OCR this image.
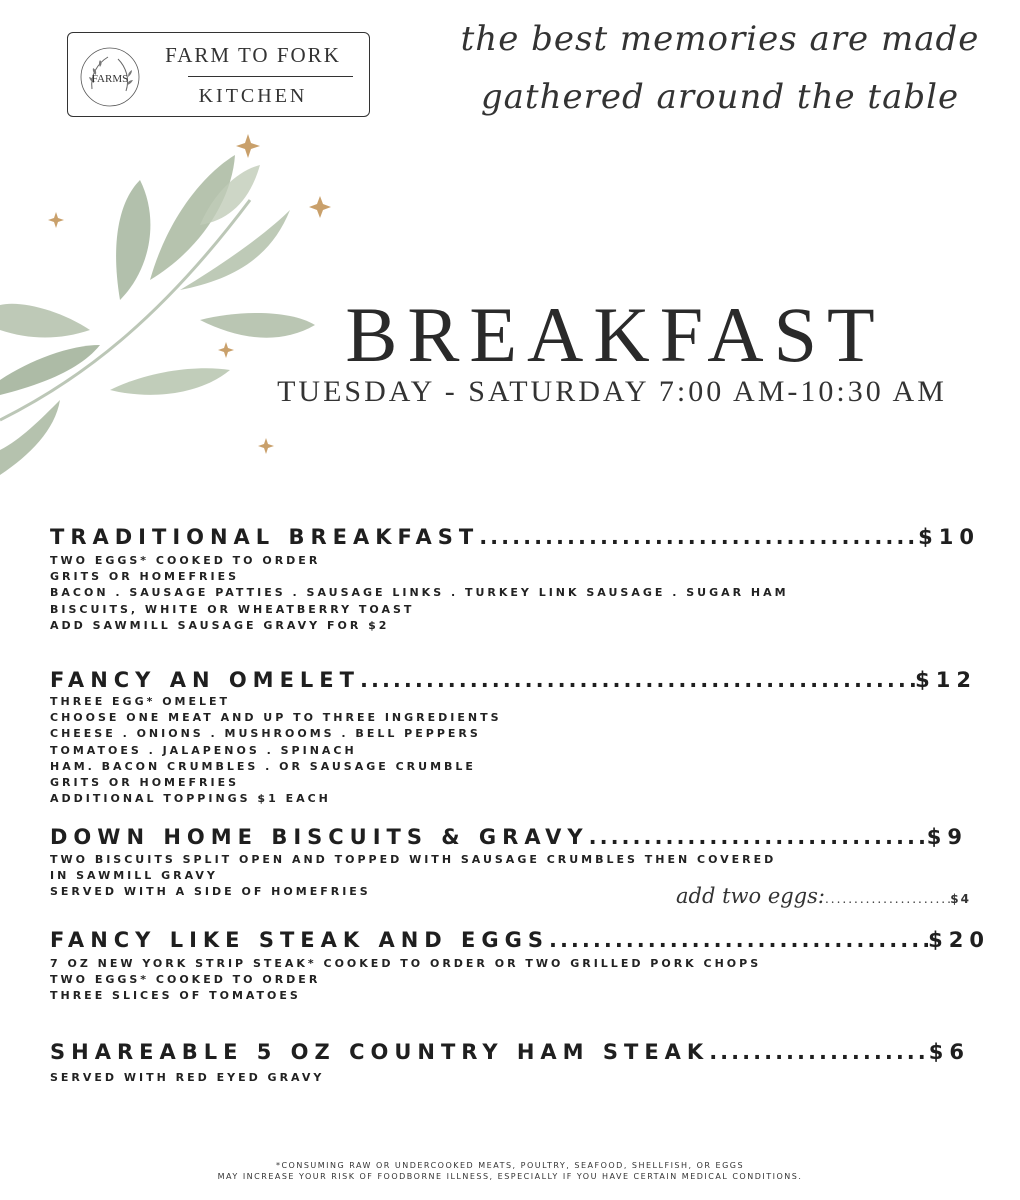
FARMS
FARM TO FORK
KITCHEN
the best memories are made
gathered around the table
BREAKFAST
TUESDAY - SATURDAY 7:00 AM-10:30 AM
TRADITIONAL BREAKFAST .....	$10
TWO EGGS* COOKED TO ORDER
GRITS OR HOMEFRIES
BACON . SAUSAGE PATTIES . SAUSAGE LINKS . TURKEY LINK SAUSAGE . SUGAR HAM
BISCUITS, WHITE OR WHEATBERRY TOAST
ADD SAWMILL SAUSAGE GRAVY FOR $2
FANCY AN OMELET .....	$12
THREE EGG* OMELET
CHOOSE ONE MEAT AND UP TO THREE INGREDIENTS
CHEESE . ONIONS . MUSHROOMS . BELL PEPPERS
TOMATOES . JALAPENOS . SPINACH
HAM. BACON CRUMBLES . OR SAUSAGE CRUMBLE
GRITS OR HOMEFRIES
ADDITIONAL TOPPINGS $1 EACH
DOWN HOME BISCUITS & GRAVY .....	$9
TWO BISCUITS SPLIT OPEN AND TOPPED WITH SAUSAGE CRUMBLES THEN COVERED
IN SAWMILL GRAVY
SERVED WITH A SIDE OF HOMEFRIES	add two eggs: .....	$4
FANCY LIKE STEAK AND EGGS .....	$20
7 OZ NEW YORK STRIP STEAK* COOKED TO ORDER OR TWO GRILLED PORK CHOPS
TWO EGGS* COOKED TO ORDER
THREE SLICES OF TOMATOES
SHAREABLE 5 OZ COUNTRY HAM STEAK .....	$6
SERVED WITH RED EYED GRAVY
*CONSUMING RAW OR UNDERCOOKED MEATS, POULTRY, SEAFOOD, SHELLFISH, OR EGGS
MAY INCREASE YOUR RISK OF FOODBORNE ILLNESS, ESPECIALLY IF YOU HAVE CERTAIN MEDICAL CONDITIONS.
